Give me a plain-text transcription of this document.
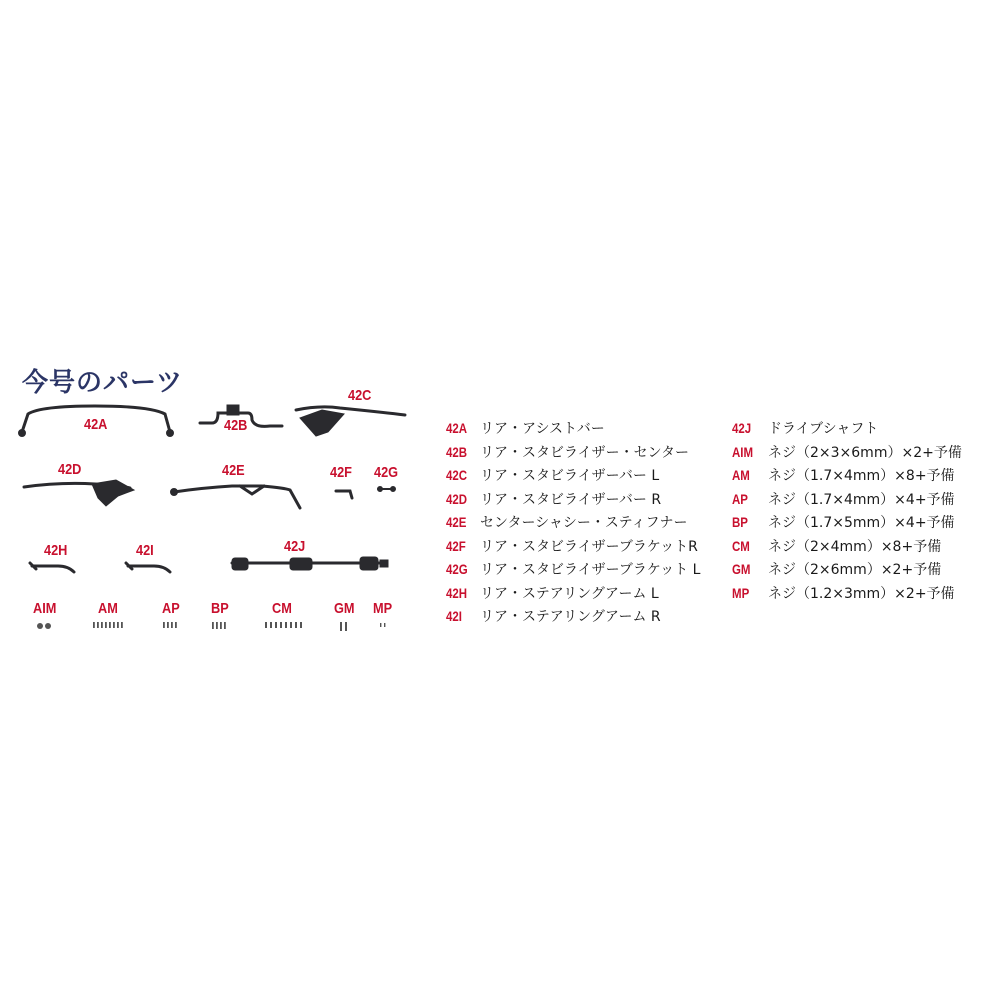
今号のパーツ
42A	42B
42C
42D	42E	42F 42G
42H	42I	42J
AIM	AM	AP BP	CM	GM MP
42A リア・アシストバー
42B リア・スタビライザー・センター
42C リア・スタビライザーバー L
42D リア・スタビライザーバー R
42E センターシャシー・スティフナー
42F	リア・スタビライザーブラケットR
42G リア・スタビライザーブラケット L
42H リア・ステアリングアーム L
42I	リア・ステアリングアーム R
42J	ドライブシャフト
AIM	ネジ（2×3×6mm）×2+予備
AM	ネジ（1.7×4mm）×8+予備
AP	ネジ（1.7×4mm）×4+予備
BP	ネジ（1.7×5mm）×4+予備
CM	ネジ（2×4mm）×8+予備
GM	ネジ（2×6mm）×2+予備
MP	ネジ（1.2×3mm）×2+予備
